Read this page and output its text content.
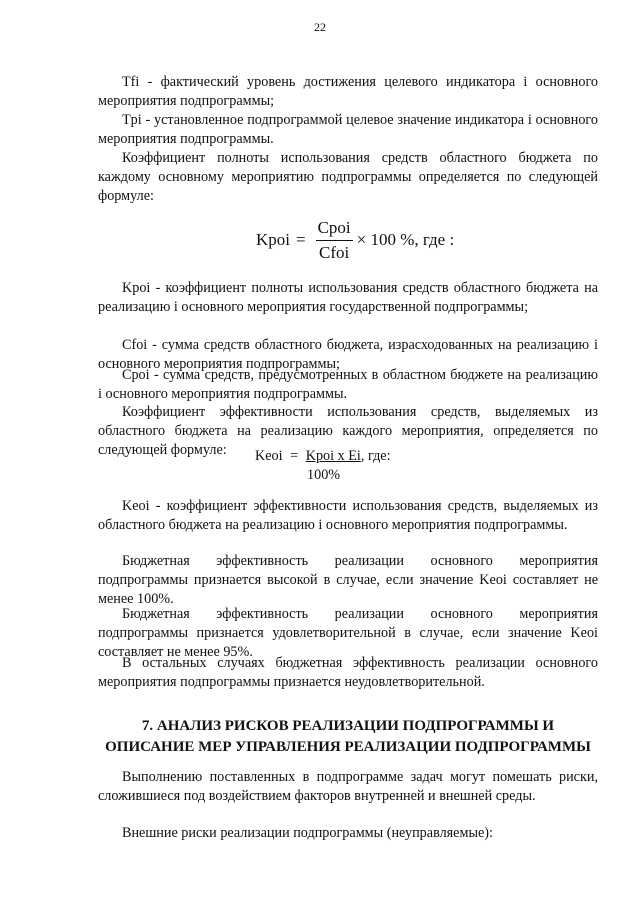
22

Tfi - фактический уровень достижения целевого индикатора i основного мероприятия подпрограммы;

Tpi - установленное подпрограммой целевое значение индикатора i основного мероприятия подпрограммы.

Коэффициент полноты использования средств областного бюджета по каждому основному мероприятию подпрограммы определяется по следующей формуле:

Kpoi = $\frac{\text{Cpoi}}{\text{Cfoi}} \times 100$ %, где :

Kpoi - коэффициент полноты использования средств областного бюджета на реализацию i основного мероприятия государственной подпрограммы;

Cfoi - сумма средств областного бюджета, израсходованных на реализацию i основного мероприятия подпрограммы;

Cpoi - сумма средств, предусмотренных в областном бюджете на реализацию i основного мероприятия подпрограммы.

Коэффициент эффективности использования средств, выделяемых из областного бюджета на реализацию каждого мероприятия, определяется по следующей формуле:	Keoi = Kpoi x Ei, где:
100%

Keoi - коэффициент эффективности использования средств, выделяемых из областного бюджета на реализацию i основного мероприятия подпрограммы.

Бюджетная эффективность реализации основного мероприятия подпрограммы признается высокой в случае, если значение Keoi составляет не менее 100%.

Бюджетная эффективность реализации основного мероприятия подпрограммы признается удовлетворительной в случае, если значение Keoi составляет не менее 95%.

В остальных случаях бюджетная эффективность реализации основного мероприятия подпрограммы признается неудовлетворительной.

7. АНАЛИЗ РИСКОВ РЕАЛИЗАЦИИ ПОДПРОГРАММЫ И
ОПИСАНИЕ МЕР УПРАВЛЕНИЯ РЕАЛИЗАЦИИ ПОДПРОГРАММЫ

Выполнению поставленных в подпрограмме задач могут помешать риски, сложившиеся под воздействием факторов внутренней и внешней среды.

Внешние риски реализации подпрограммы (неуправляемые):
